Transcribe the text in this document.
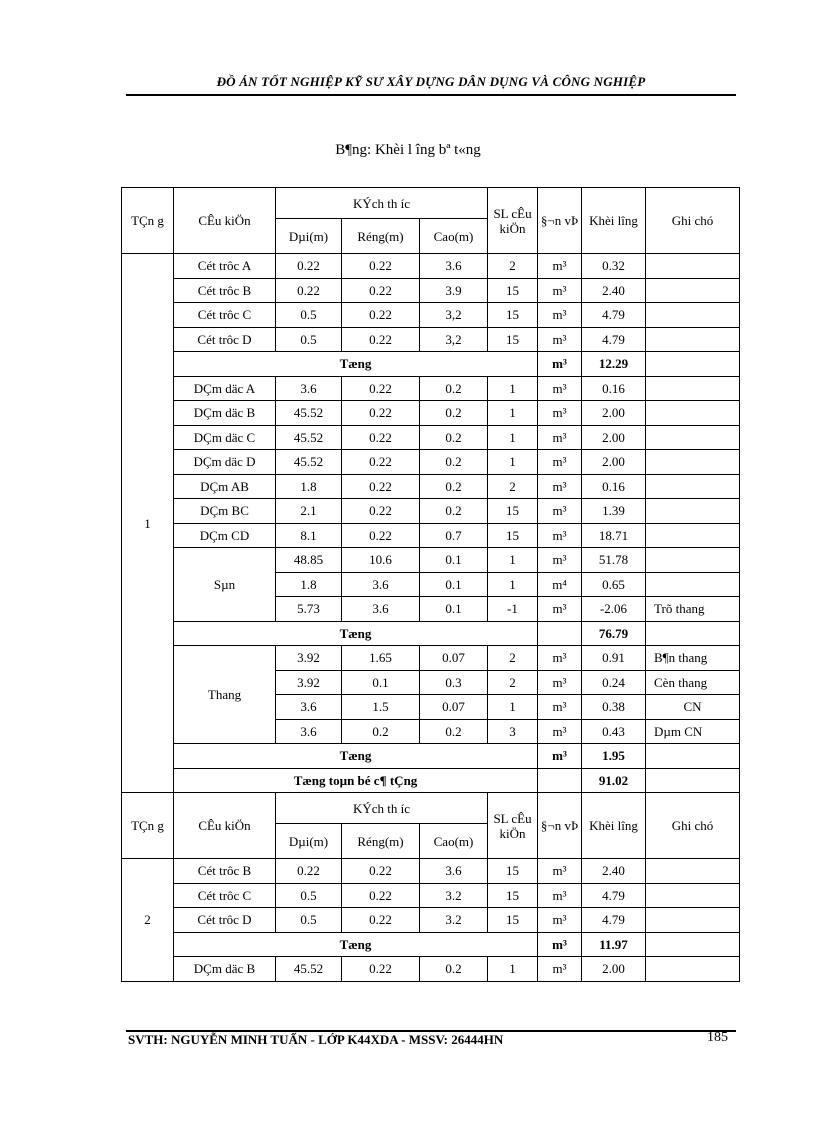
ĐỒ ÁN TỐT NGHIỆP KỸ SƯ XÂY DỰNG DÂN DỤNG VÀ CÔNG NGHIỆP
B¶ng: Khèi l îng bª t«ng
TÇn g	CÊu kiÖn	KÝch th íc			SL cÊu kiÖn	§¬n vÞ	Khèi lîng	Ghi chó
		Dµi(m)	Réng(m)	Cao(m)				
1	Cét trôc A	0.22	0.22	3.6	2	m³	0.32	
	Cét trôc B	0.22	0.22	3.9	15	m³	2.40	
	Cét trôc C	0.5	0.22	3,2	15	m³	4.79	
	Cét trôc D	0.5	0.22	3,2	15	m³	4.79	
	Tæng					m³	12.29	
	DÇm däc A	3.6	0.22	0.2	1	m³	0.16	
	DÇm däc B	45.52	0.22	0.2	1	m³	2.00	
	DÇm däc C	45.52	0.22	0.2	1	m³	2.00	
	DÇm däc D	45.52	0.22	0.2	1	m³	2.00	
	DÇm AB	1.8	0.22	0.2	2	m³	0.16	
	DÇm BC	2.1	0.22	0.2	15	m³	1.39	
	DÇm CD	8.1	0.22	0.7	15	m³	18.71	
	Sµn	48.85	10.6	0.1	1	m³	51.78	
		1.8	3.6	0.1	1	m⁴	0.65	
		5.73	3.6	0.1	-1	m³	-2.06	Trõ thang
	Tæng						76.79	
	Thang	3.92	1.65	0.07	2	m³	0.91	B¶n thang
		3.92	0.1	0.3	2	m³	0.24	Cèn thang
		3.6	1.5	0.07	1	m³	0.38	CN
		3.6	0.2	0.2	3	m³	0.43	Dµm CN
	Tæng					m³	1.95	
	Tæng toµn bé c¶ tÇng						91.02	
TÇn g	CÊu kiÖn	KÝch th íc			SL cÊu kiÖn	§¬n vÞ	Khèi lîng	Ghi chó
		Dµi(m)	Réng(m)	Cao(m)				
2	Cét trôc B	0.22	0.22	3.6	15	m³	2.40	
	Cét trôc C	0.5	0.22	3.2	15	m³	4.79	
	Cét trôc D	0.5	0.22	3.2	15	m³	4.79	
	Tæng					m³	11.97	
	DÇm däc B	45.52	0.22	0.2	1	m³	2.00	
SVTH: NGUYỄN MINH TUẤN - LỚP K44XDA - MSSV: 26444HN	185
